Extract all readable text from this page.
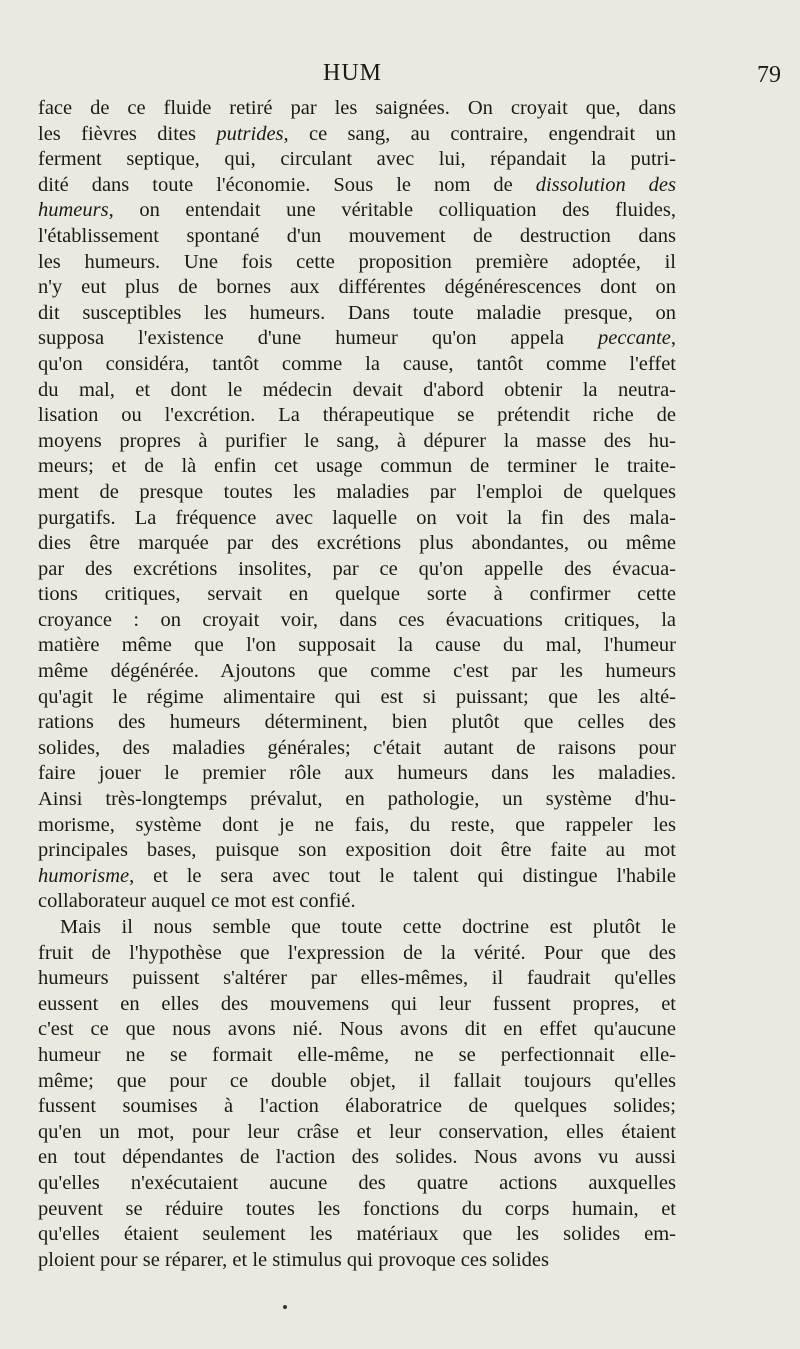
HUM	79
face de ce fluide retiré par les saignées. On croyait que, dans
les fièvres dites putrides, ce sang, au contraire, engendrait un
ferment septique, qui, circulant avec lui, répandait la putri-
dité dans toute l'économie. Sous le nom de dissolution des
humeurs, on entendait une véritable colliquation des fluides,
l'établissement spontané d'un mouvement de destruction dans
les humeurs. Une fois cette proposition première adoptée, il
n'y eut plus de bornes aux différentes dégénérescences dont on
dit susceptibles les humeurs. Dans toute maladie presque, on
supposa l'existence d'une humeur qu'on appela peccante,
qu'on considéra, tantôt comme la cause, tantôt comme l'effet
du mal, et dont le médecin devait d'abord obtenir la neutra-
lisation ou l'excrétion. La thérapeutique se prétendit riche de
moyens propres à purifier le sang, à dépurer la masse des hu-
meurs; et de là enfin cet usage commun de terminer le traite-
ment de presque toutes les maladies par l'emploi de quelques
purgatifs. La fréquence avec laquelle on voit la fin des mala-
dies être marquée par des excrétions plus abondantes, ou même
par des excrétions insolites, par ce qu'on appelle des évacua-
tions critiques, servait en quelque sorte à confirmer cette
croyance : on croyait voir, dans ces évacuations critiques, la
matière même que l'on supposait la cause du mal, l'humeur
même dégénérée. Ajoutons que comme c'est par les humeurs
qu'agit le régime alimentaire qui est si puissant; que les alté-
rations des humeurs déterminent, bien plutôt que celles des
solides, des maladies générales; c'était autant de raisons pour
faire jouer le premier rôle aux humeurs dans les maladies.
Ainsi très-longtemps prévalut, en pathologie, un système d'hu-
morisme, système dont je ne fais, du reste, que rappeler les
principales bases, puisque son exposition doit être faite au mot
humorisme, et le sera avec tout le talent qui distingue l'habile
collaborateur auquel ce mot est confié.
Mais il nous semble que toute cette doctrine est plutôt le
fruit de l'hypothèse que l'expression de la vérité. Pour que des
humeurs puissent s'altérer par elles-mêmes, il faudrait qu'elles
eussent en elles des mouvemens qui leur fussent propres, et
c'est ce que nous avons nié. Nous avons dit en effet qu'aucune
humeur ne se formait elle-même, ne se perfectionnait elle-
même; que pour ce double objet, il fallait toujours qu'elles
fussent soumises à l'action élaboratrice de quelques solides;
qu'en un mot, pour leur crâse et leur conservation, elles étaient
en tout dépendantes de l'action des solides. Nous avons vu aussi
qu'elles n'exécutaient aucune des quatre actions auxquelles
peuvent se réduire toutes les fonctions du corps humain, et
qu'elles étaient seulement les matériaux que les solides em-
ploient pour se réparer, et le stimulus qui provoque ces solides
